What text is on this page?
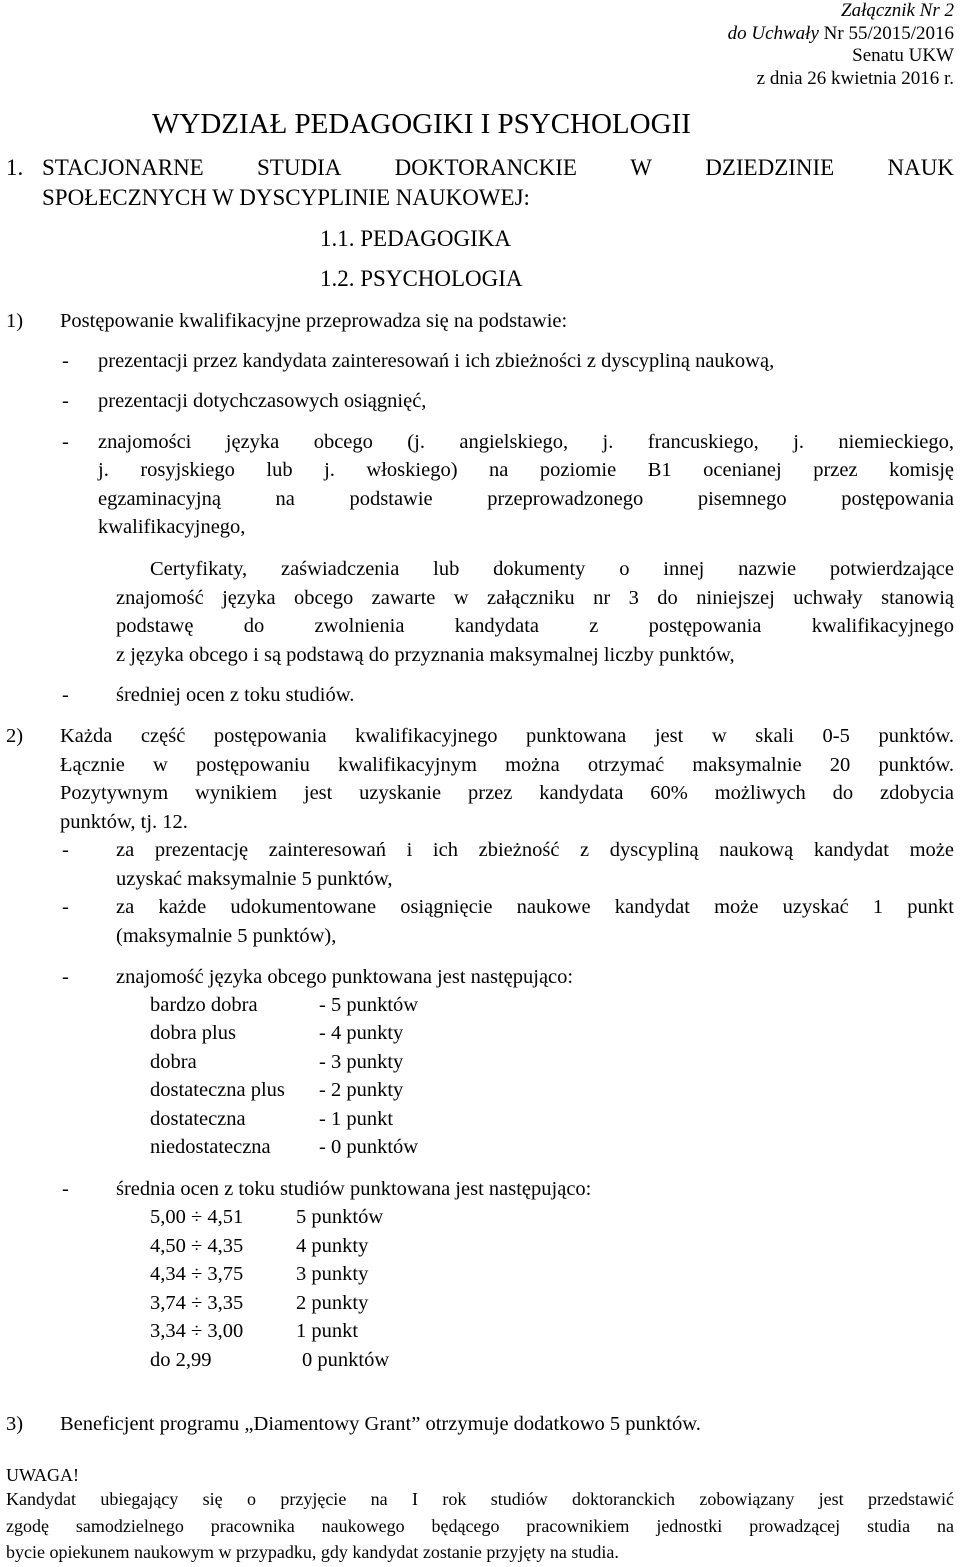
Załącznik Nr 2
do Uchwały Nr 55/2015/2016
Senatu UKW
z dnia 26 kwietnia 2016 r.
WYDZIAŁ PEDAGOGIKI I PSYCHOLOGII
1. STACJONARNE STUDIA DOKTORANCKIE W DZIEDZINIE NAUK
SPOŁECZNYCH W DYSCYPLINIE NAUKOWEJ:
1.1. PEDAGOGIKA
1.2. PSYCHOLOGIA
1) Postępowanie kwalifikacyjne przeprowadza się na podstawie:
- prezentacji przez kandydata zainteresowań i ich zbieżności z dyscypliną naukową,
- prezentacji dotychczasowych osiągnięć,
- znajomości języka obcego (j. angielskiego, j. francuskiego, j. niemieckiego,
j. rosyjskiego lub j. włoskiego) na poziomie B1 ocenianej przez komisję
egzaminacyjną na podstawie przeprowadzonego pisemnego postępowania
kwalifikacyjnego,
Certyfikaty, zaświadczenia lub dokumenty o innej nazwie potwierdzające
znajomość języka obcego zawarte w załączniku nr 3 do niniejszej uchwały stanowią
podstawę do zwolnienia kandydata z postępowania kwalifikacyjnego
z języka obcego i są podstawą do przyznania maksymalnej liczby punktów,
- średniej ocen z toku studiów.
2) Każda część postępowania kwalifikacyjnego punktowana jest w skali 0-5 punktów.
Łącznie w postępowaniu kwalifikacyjnym można otrzymać maksymalnie 20 punktów.
Pozytywnym wynikiem jest uzyskanie przez kandydata 60% możliwych do zdobycia
punktów, tj. 12.
- za prezentację zainteresowań i ich zbieżność z dyscypliną naukową kandydat może
uzyskać maksymalnie 5 punktów,
- za każde udokumentowane osiągnięcie naukowe kandydat może uzyskać 1 punkt
(maksymalnie 5 punktów),
- znajomość języka obcego punktowana jest następująco:
bardzo dobra	- 5 punktów
dobra plus	- 4 punkty
dobra	- 3 punkty
dostateczna plus - 2 punkty
dostateczna	- 1 punkt
niedostateczna - 0 punktów
- średnia ocen z toku studiów punktowana jest następująco:
5,00 ÷ 4,51	5 punktów
4,50 ÷ 4,35	4 punkty
4,34 ÷ 3,75	3 punkty
3,74 ÷ 3,35	2 punkty
3,34 ÷ 3,00	1 punkt
do 2,99	0 punktów
3) Beneficjent programu „Diamentowy Grant” otrzymuje dodatkowo 5 punktów.
UWAGA!
Kandydat ubiegający się o przyjęcie na I rok studiów doktoranckich zobowiązany jest przedstawić
zgodę samodzielnego pracownika naukowego będącego pracownikiem jednostki prowadzącej studia na
bycie opiekunem naukowym w przypadku, gdy kandydat zostanie przyjęty na studia.
